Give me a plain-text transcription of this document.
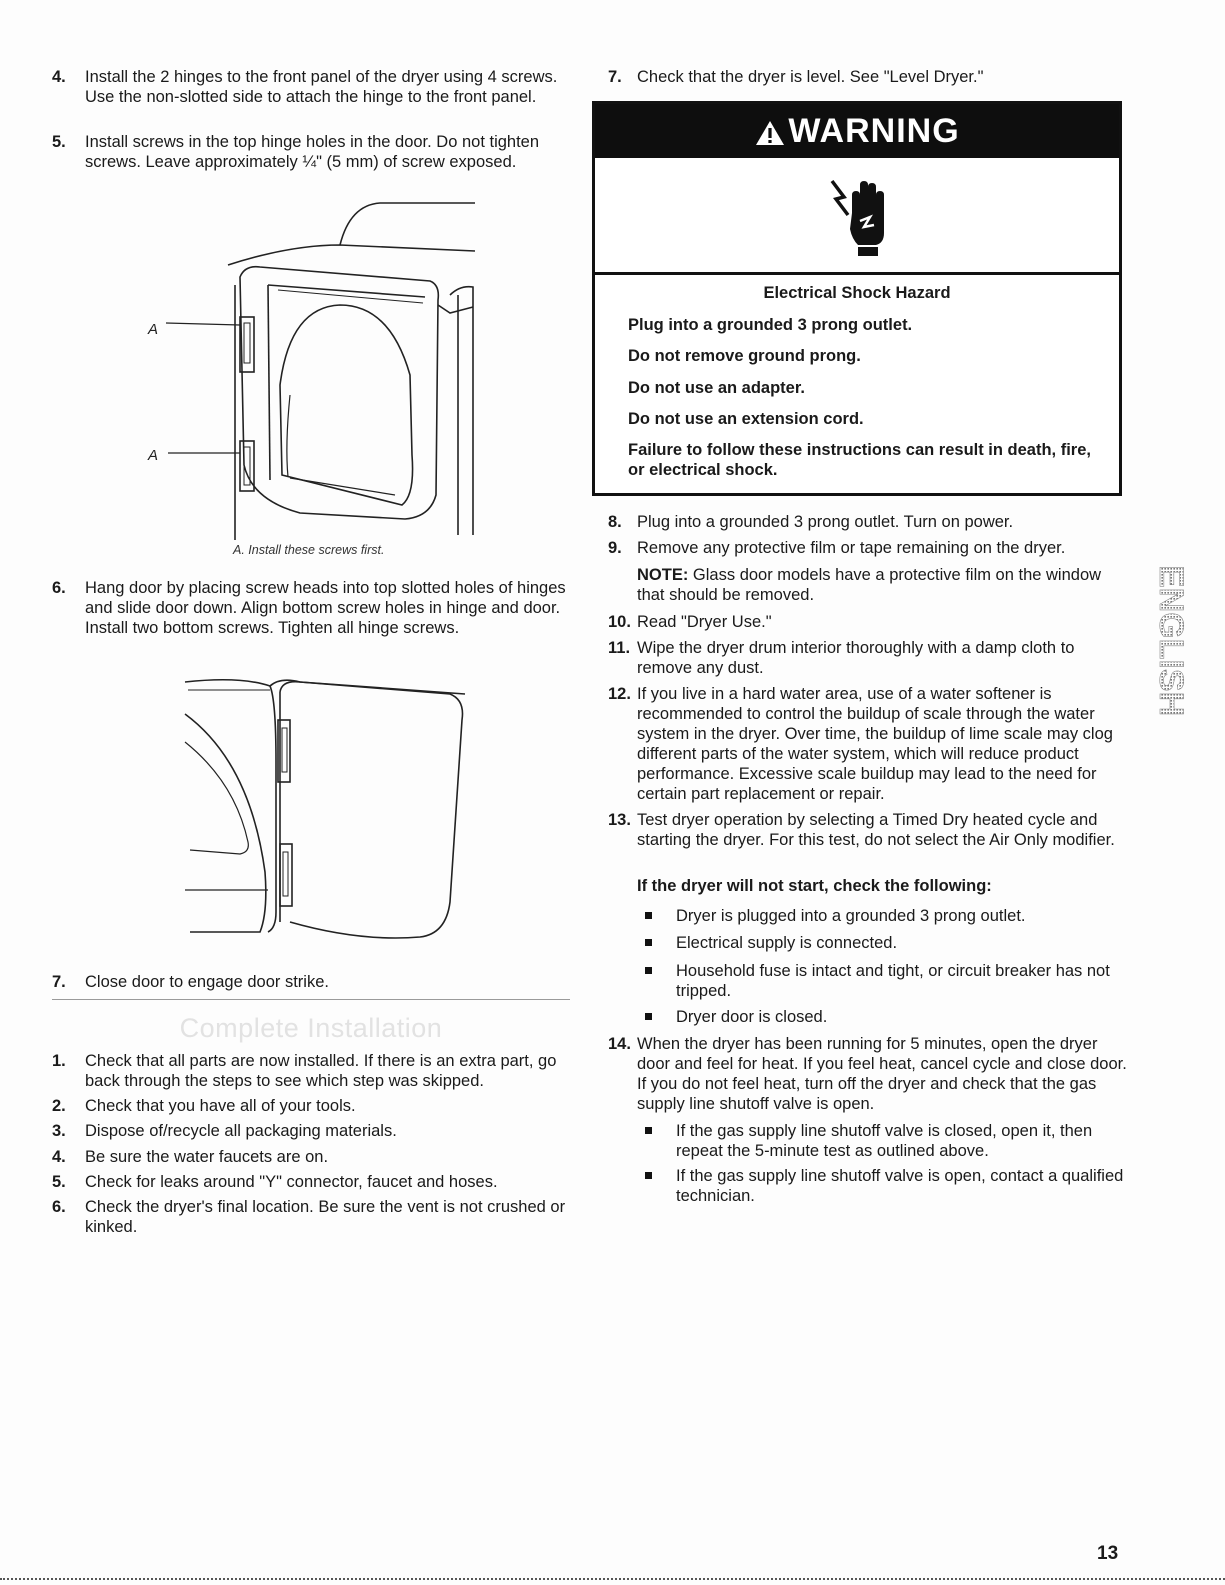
4. Install the 2 hinges to the front panel of the dryer using 4 screws. Use the non-slotted side to attach the hinge to the front panel.
5. Install screws in the top hinge holes in the door. Do not tighten screws. Leave approximately ¼" (5 mm) of screw exposed.
A
A
A. Install these screws first.
6. Hang door by placing screw heads into top slotted holes of hinges and slide door down. Align bottom screw holes in hinge and door. Install two bottom screws. Tighten all hinge screws.
7. Close door to engage door strike.
Complete Installation
1. Check that all parts are now installed. If there is an extra part, go back through the steps to see which step was skipped.
2. Check that you have all of your tools.
3. Dispose of/recycle all packaging materials.
4. Be sure the water faucets are on.
5. Check for leaks around "Y" connector, faucet and hoses.
6. Check the dryer's final location. Be sure the vent is not crushed or kinked.
7. Check that the dryer is level. See "Level Dryer."
WARNING
Electrical Shock Hazard
Plug into a grounded 3 prong outlet.
Do not remove ground prong.
Do not use an adapter.
Do not use an extension cord.
Failure to follow these instructions can result in death, fire, or electrical shock.
8. Plug into a grounded 3 prong outlet. Turn on power.
9. Remove any protective film or tape remaining on the dryer.
NOTE: Glass door models have a protective film on the window that should be removed.
10. Read "Dryer Use."
11. Wipe the dryer drum interior thoroughly with a damp cloth to remove any dust.
12. If you live in a hard water area, use of a water softener is recommended to control the buildup of scale through the water system in the dryer. Over time, the buildup of lime scale may clog different parts of the water system, which will reduce product performance. Excessive scale buildup may lead to the need for certain part replacement or repair.
13. Test dryer operation by selecting a Timed Dry heated cycle and starting the dryer. For this test, do not select the Air Only modifier.
If the dryer will not start, check the following:
Dryer is plugged into a grounded 3 prong outlet.
Electrical supply is connected.
Household fuse is intact and tight, or circuit breaker has not tripped.
Dryer door is closed.
14. When the dryer has been running for 5 minutes, open the dryer door and feel for heat. If you feel heat, cancel cycle and close door. If you do not feel heat, turn off the dryer and check that the gas supply line shutoff valve is open.
If the gas supply line shutoff valve is closed, open it, then repeat the 5-minute test as outlined above.
If the gas supply line shutoff valve is open, contact a qualified technician.
ENGLISH
13
